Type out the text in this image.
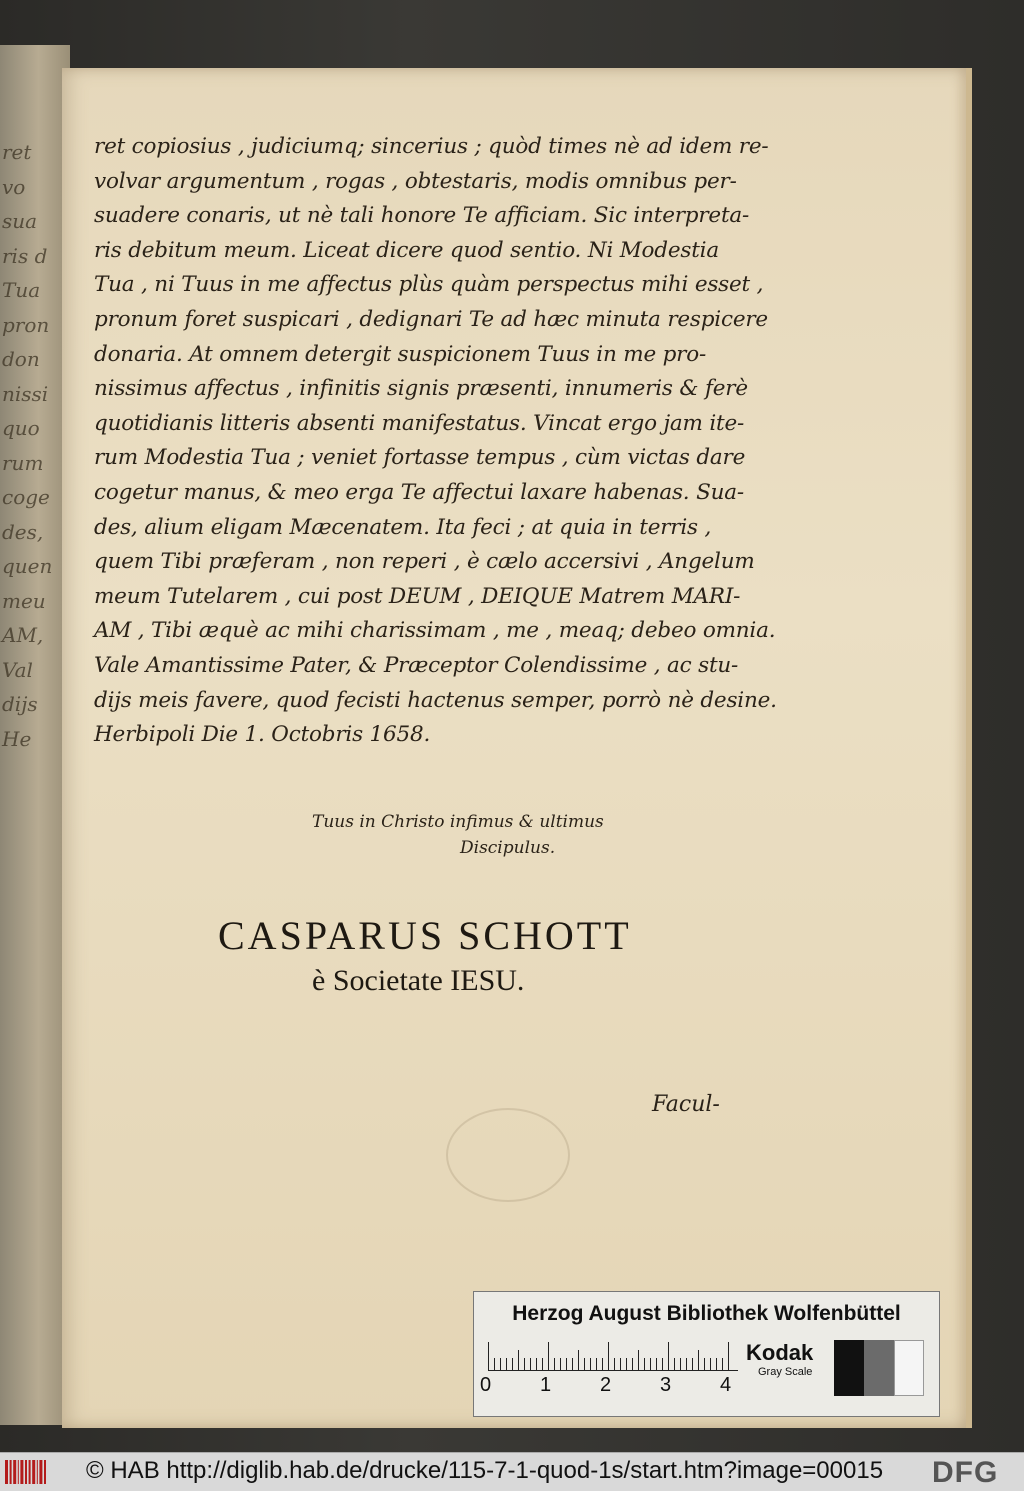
ret
vo
sua
ris d
Tua
pron
don
nissi
quo
rum
coge
des,
quen
meu
AM,
Val
dijs
He
ret copiosius , judiciumq; sincerius ; quòd times nè ad idem re-
volvar argumentum , rogas , obtestaris, modis omnibus per-
suadere conaris, ut nè tali honore Te afficiam. Sic interpreta-
ris debitum meum. Liceat dicere quod sentio. Ni Modestia
Tua , ni Tuus in me affectus plùs quàm perspectus mihi esset ,
pronum foret suspicari , dedignari Te ad hæc minuta respicere
donaria. At omnem detergit suspicionem Tuus in me pro-
nissimus affectus , infinitis signis præsenti, innumeris & ferè
quotidianis litteris absenti manifestatus. Vincat ergo jam ite-
rum Modestia Tua ; veniet fortasse tempus , cùm victas dare
cogetur manus, & meo erga Te affectui laxare habenas. Sua-
des, alium eligam Mæcenatem. Ita feci ; at quia in terris ,
quem Tibi præferam , non reperi , è cælo accersivi , Angelum
meum Tutelarem , cui post DEUM , DEIQUE Matrem MARI-
AM , Tibi æquè ac mihi charissimam , me , meaq; debeo omnia.
Vale Amantissime Pater, & Præceptor Colendissime , ac stu-
dijs meis favere, quod fecisti hactenus semper, porrò nè desine.
Herbipoli Die 1. Octobris 1658.
Tuus in Christo infimus & ultimus
Discipulus.
CASPARUS SCHOTT
è Societate IESU.
Facul-
Herzog August Bibliothek Wolfenbüttel
0 1 2 3 4
Kodak
Gray Scale
© HAB http://diglib.hab.de/drucke/115-7-1-quod-1s/start.htm?image=00015 DFG
